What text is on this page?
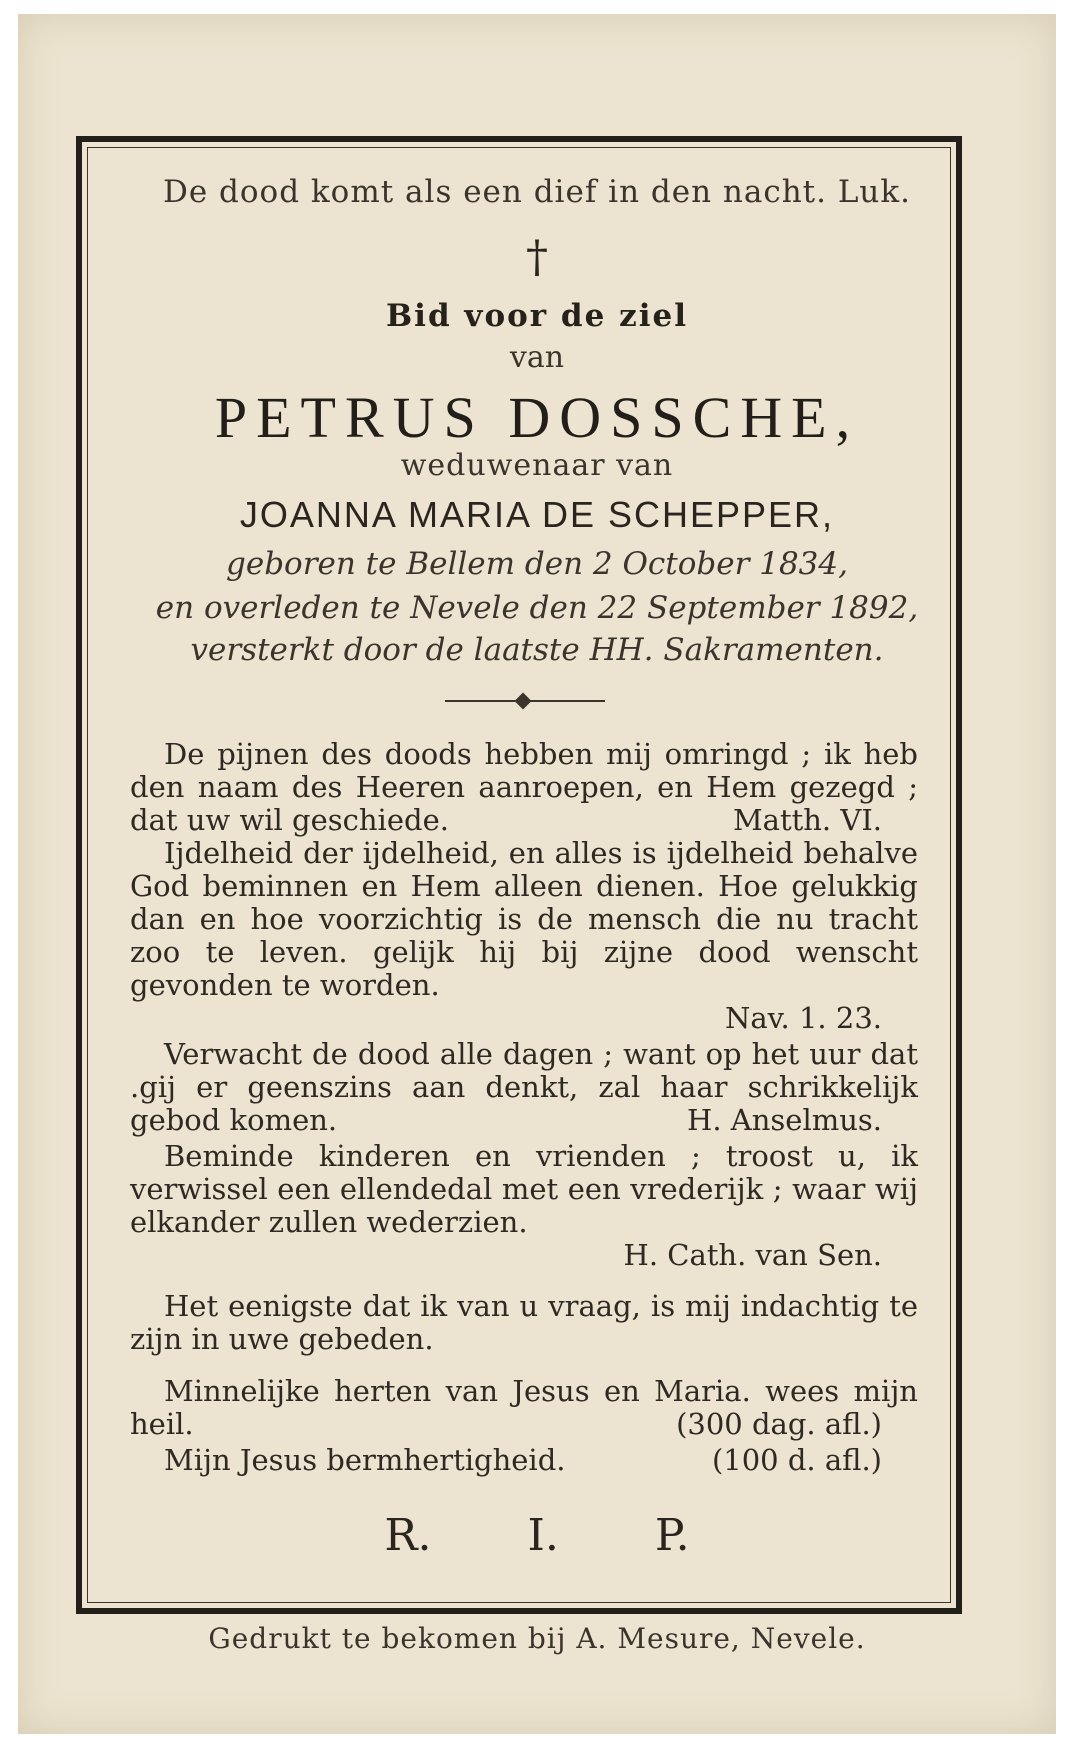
De dood komt als een dief in den nacht. Luk.
†
Bid voor de ziel
van
PETRUS DOSSCHE,
weduwenaar van
JOANNA MARIA DE SCHEPPER,
geboren te Bellem den 2 October 1834,
en overleden te Nevele den 22 September 1892,
versterkt door de laatste HH. Sakramenten.

De pijnen des doods hebben mij omringd ; ik heb den naam des Heeren aanroepen, en Hem gezegd ; dat uw wil geschiede.	Matth. VI.

Ijdelheid der ijdelheid, en alles is ijdelheid behalve God beminnen en Hem alleen dienen. Hoe gelukkig dan en hoe voorzichtig is de mensch die nu tracht zoo te leven. gelijk hij bij zijne dood wenscht gevonden te worden.

Nav. 1. 23.

Verwacht de dood alle dagen ; want op het uur dat .gij er geenszins aan denkt, zal haar schrikkelijk gebod komen.	H. Anselmus.

Beminde kinderen en vrienden ; troost u, ik verwissel een ellendedal met een vrederijk ; waar wij elkander zullen wederzien.

H. Cath. van Sen.

Het eenigste dat ik van u vraag, is mij indachtig te zijn in uwe gebeden.

Minnelijke herten van Jesus en Maria. wees mijn heil.	(300 dag. afl.)

Mijn Jesus bermhertigheid.	(100 d. afl.)
R. I. P.
Gedrukt te bekomen bij A. Mesure, Nevele.
